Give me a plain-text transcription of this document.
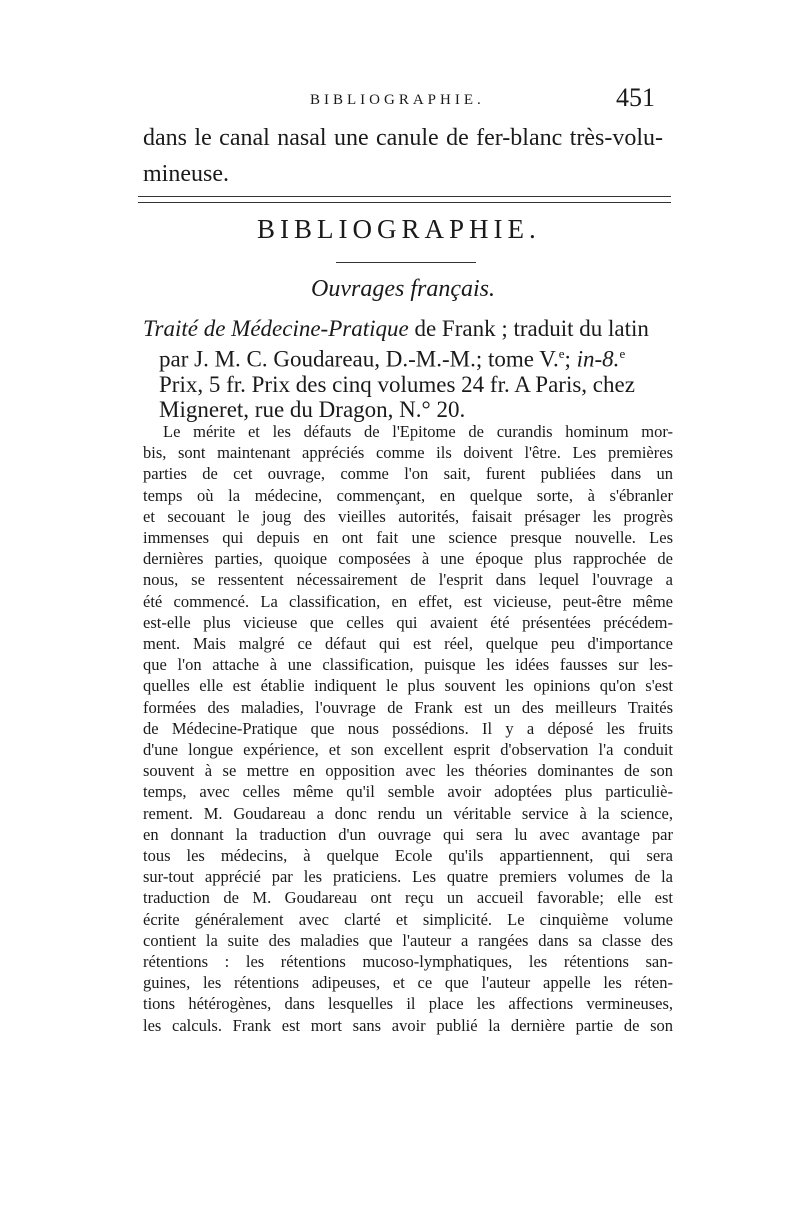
BIBLIOGRAPHIE.	451
dans le canal nasal une canule de fer-blanc très-volu-
mineuse.
BIBLIOGRAPHIE.
Ouvrages français.
Traité de Médecine-Pratique de Frank ; traduit du latin
par J. M. C. Goudareau, D.-M.-M.; tome V.$^e$; in-8.$^e$
Prix, 5 fr. Prix des cinq volumes 24 fr. A Paris, chez
Migneret, rue du Dragon, N.° 20.
Le mérite et les défauts de l'Epitome de curandis hominum mor-
bis, sont maintenant appréciés comme ils doivent l'être. Les premières
parties de cet ouvrage, comme l'on sait, furent publiées dans un
temps où la médecine, commençant, en quelque sorte, à s'ébranler
et secouant le joug des vieilles autorités, faisait présager les progrès
immenses qui depuis en ont fait une science presque nouvelle. Les
dernières parties, quoique composées à une époque plus rapprochée de
nous, se ressentent nécessairement de l'esprit dans lequel l'ouvrage a
été commencé. La classification, en effet, est vicieuse, peut-être même
est-elle plus vicieuse que celles qui avaient été présentées précédem-
ment. Mais malgré ce défaut qui est réel, quelque peu d'importance
que l'on attache à une classification, puisque les idées fausses sur les-
quelles elle est établie indiquent le plus souvent les opinions qu'on s'est
formées des maladies, l'ouvrage de Frank est un des meilleurs Traités
de Médecine-Pratique que nous possédions. Il y a déposé les fruits
d'une longue expérience, et son excellent esprit d'observation l'a conduit
souvent à se mettre en opposition avec les théories dominantes de son
temps, avec celles même qu'il semble avoir adoptées plus particuliè-
rement. M. Goudareau a donc rendu un véritable service à la science,
en donnant la traduction d'un ouvrage qui sera lu avec avantage par
tous les médecins, à quelque Ecole qu'ils appartiennent, qui sera
sur-tout apprécié par les praticiens. Les quatre premiers volumes de la
traduction de M. Goudareau ont reçu un accueil favorable; elle est
écrite généralement avec clarté et simplicité. Le cinquième volume
contient la suite des maladies que l'auteur a rangées dans sa classe des
rétentions : les rétentions mucoso-lymphatiques, les rétentions san-
guines, les rétentions adipeuses, et ce que l'auteur appelle les réten-
tions hétérogènes, dans lesquelles il place les affections vermineuses,
les calculs. Frank est mort sans avoir publié la dernière partie de son
